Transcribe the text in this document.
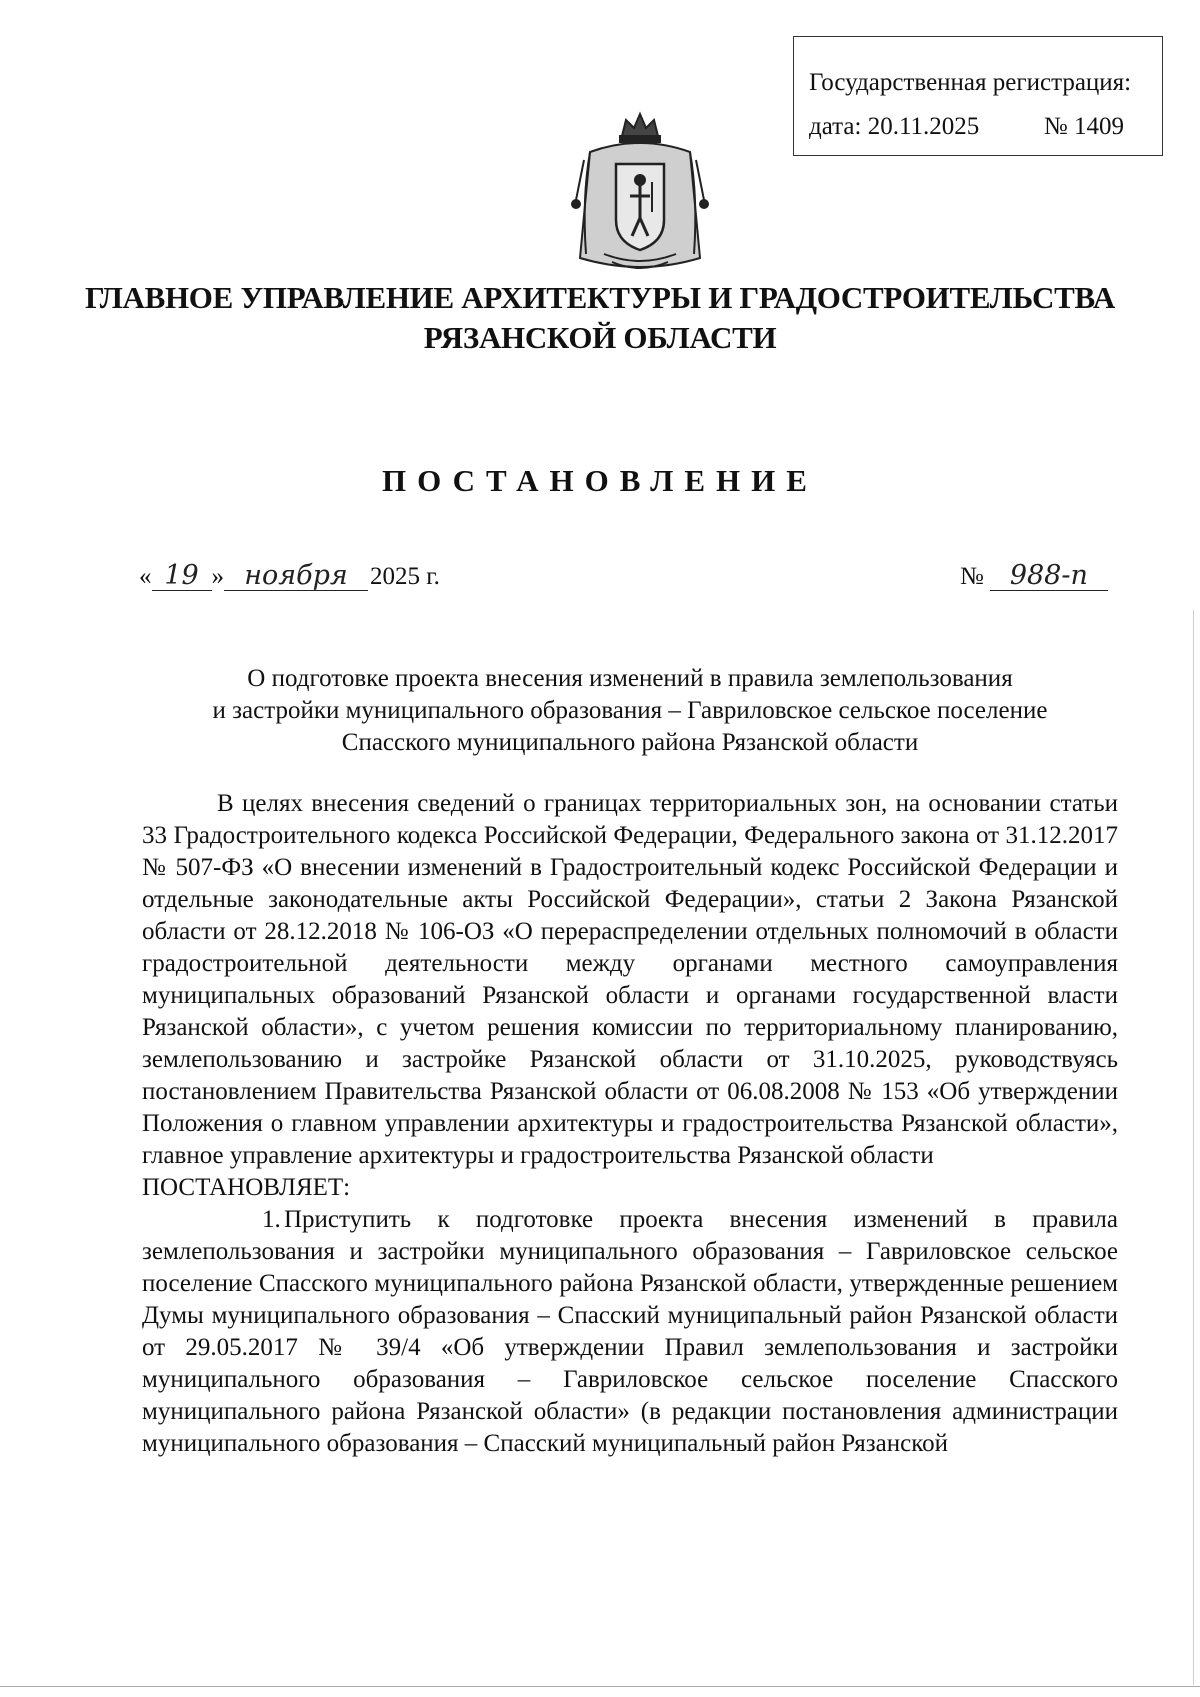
Государственная регистрация:
дата: 20.11.2025	№ 1409
ГЛАВНОЕ УПРАВЛЕНИЕ АРХИТЕКТУРЫ И ГРАДОСТРОИТЕЛЬСТВА
РЯЗАНСКОЙ ОБЛАСТИ
ПОСТАНОВЛЕНИЕ
« 19 » ноября 2025 г.	№ 988-п
О подготовке проекта внесения изменений в правила землепользования
и застройки муниципального образования – Гавриловское сельское поселение
Спасского муниципального района Рязанской области

В целях внесения сведений о границах территориальных зон, на основании статьи 33 Градостроительного кодекса Российской Федерации, Федерального закона от 31.12.2017 № 507-ФЗ «О внесении изменений в Градостроительный кодекс Российской Федерации и отдельные законодательные акты Российской Федерации», статьи 2 Закона Рязанской области от 28.12.2018 № 106-ОЗ «О перераспределении отдельных полномочий в области градостроительной деятельности между органами местного самоуправления муниципальных образований Рязанской области и органами государственной власти Рязанской области», с учетом решения комиссии по территориальному планированию, землепользованию и застройке Рязанской области от 31.10.2025, руководствуясь постановлением Правительства Рязанской области от 06.08.2008 № 153 «Об утверждении Положения о главном управлении архитектуры и градостроительства Рязанской области», главное управление архитектуры и градостроительства Рязанской области

ПОСТАНОВЛЯЕТ:

1. Приступить к подготовке проекта внесения изменений в правила землепользования и застройки муниципального образования – Гавриловское сельское поселение Спасского муниципального района Рязанской области, утвержденные решением Думы муниципального образования – Спасский муниципальный район Рязанской области от 29.05.2017 № 39/4 «Об утверждении Правил землепользования и застройки муниципального образования – Гавриловское сельское поселение Спасского муниципального района Рязанской области» (в редакции постановления администрации муниципального образования – Спасский муниципальный район Рязанской
